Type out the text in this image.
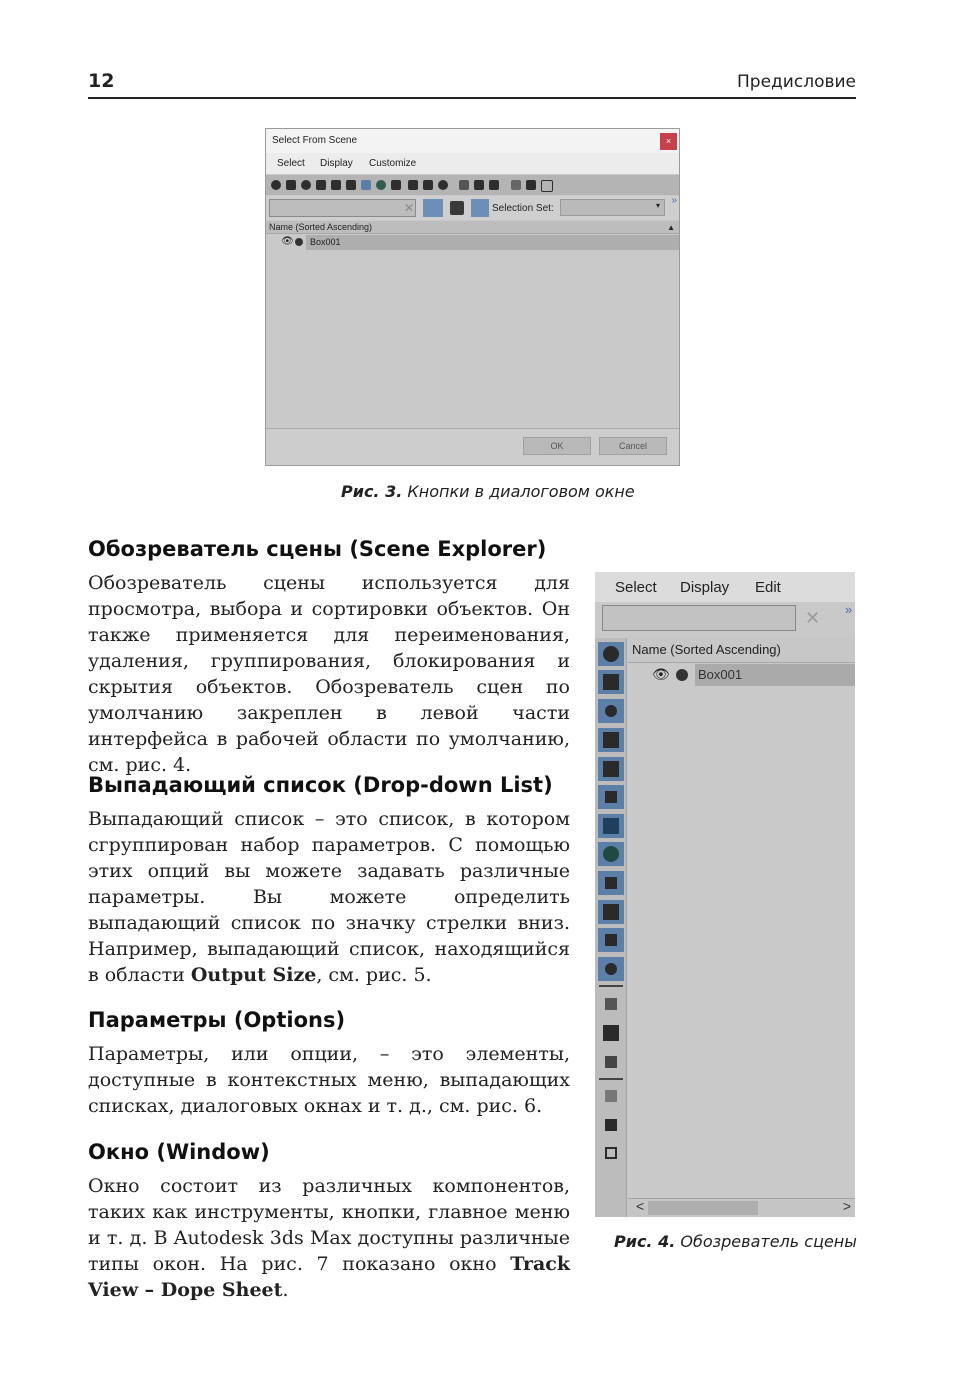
12	Предисловие
Select From Scene	×
Select Display Customize
✕	Selection Set:	▾ »
Name (Sorted Ascending)	▲
👁 Box001
OK	Cancel
Рис. 3. Кнопки в диалоговом окне
Обозреватель сцены (Scene Explorer)
Обозреватель сцены используется для просмотра, выбора и сортировки объектов. Он также применяется для переименования, удаления, группирования, блокирования и скрытия объектов. Обозреватель сцен по умолчанию закреплен в левой части интерфейса в рабочей области по умолчанию, см. рис. 4.
Выпадающий список (Drop-down List)
Выпадающий список – это список, в котором сгруппирован набор параметров. С помощью этих опций вы можете задавать различные параметры. Вы можете определить выпадающий список по значку стрелки вниз. Например, выпадающий список, находящийся в области Output Size, см. рис. 5.
Параметры (Options)
Параметры, или опции, – это элементы, доступные в контекстных меню, выпадающих списках, диалоговых окнах и т. д., см. рис. 6.
Окно (Window)
Окно состоит из различных компонентов, таких как инструменты, кнопки, главное меню и т. д. В Autodesk 3ds Max доступны различные типы окон. На рис. 7 показано окно Track View – Dope Sheet.
Select Display Edit
✕ »
Name (Sorted Ascending)
👁 Box001
<	>
Рис. 4. Обозреватель сцены
